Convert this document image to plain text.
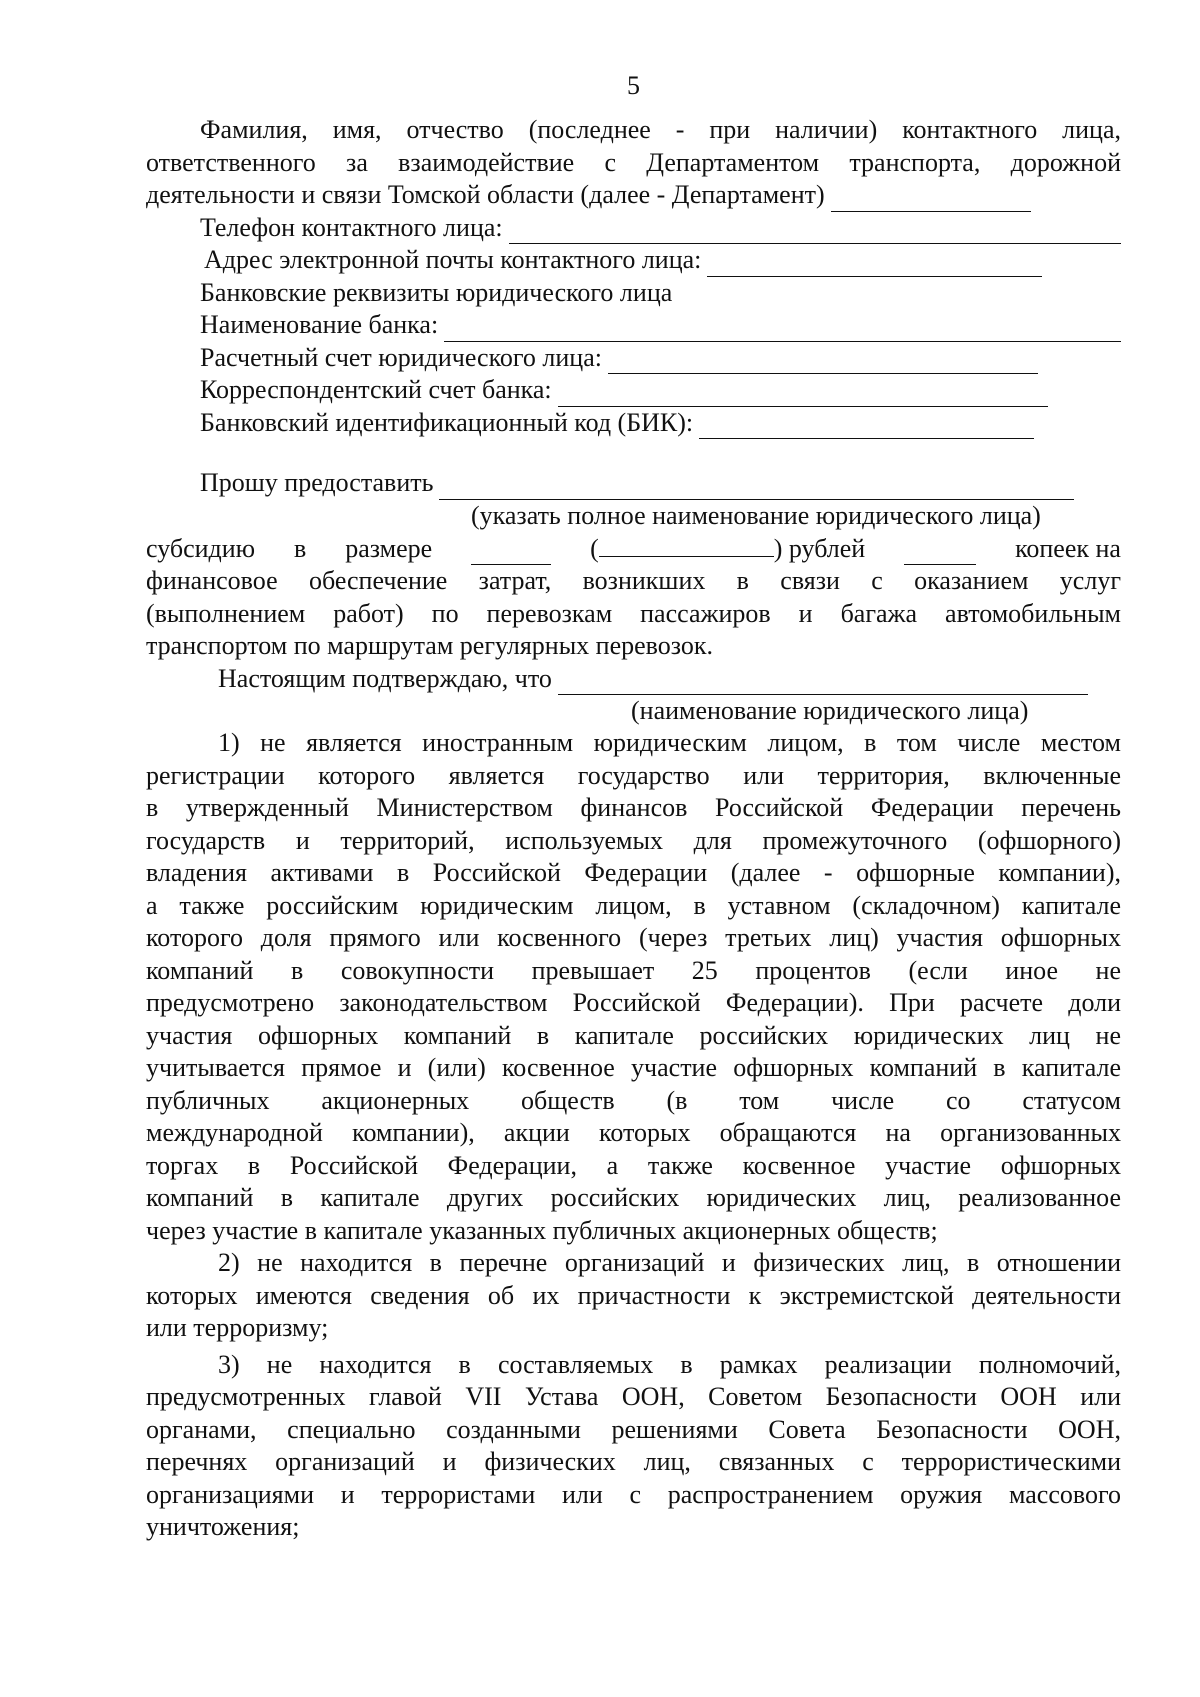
5

Фамилия, имя, отчество (последнее - при наличии) контактного лица,

ответственного за взаимодействие с Департаментом транспорта, дорожной

деятельности и связи Томской области (далее - Департамент)
Телефон контактного лица:
Адрес электронной почты контактного лица:

Банковские реквизиты юридического лица

Наименование банка:
Расчетный счет юридического лица:
Корреспондентский счет банка:
Банковский идентификационный код (БИК):
Прошу предоставить

(указать полное наименование юридического лица)

субсидию в размере	(	) рублей	копеек на

финансовое обеспечение затрат, возникших в связи с оказанием услуг

(выполнением работ) по перевозкам пассажиров и багажа автомобильным

транспортом по маршрутам регулярных перевозок.

Настоящим подтверждаю, что

(наименование юридического лица)

1) не является иностранным юридическим лицом, в том числе местом

регистрации которого является государство или территория, включенные

в утвержденный Министерством финансов Российской Федерации перечень

государств и территорий, используемых для промежуточного (офшорного)

владения активами в Российской Федерации (далее - офшорные компании),

а также российским юридическим лицом, в уставном (складочном) капитале

которого доля прямого или косвенного (через третьих лиц) участия офшорных

компаний в совокупности превышает 25 процентов (если иное не

предусмотрено законодательством Российской Федерации). При расчете доли

участия офшорных компаний в капитале российских юридических лиц не

учитывается прямое и (или) косвенное участие офшорных компаний в капитале

публичных акционерных обществ (в том числе со статусом

международной компании), акции которых обращаются на организованных

торгах в Российской Федерации, а также косвенное участие офшорных

компаний в капитале других российских юридических лиц, реализованное

через участие в капитале указанных публичных акционерных обществ;

2) не находится в перечне организаций и физических лиц, в отношении

которых имеются сведения об их причастности к экстремистской деятельности

или терроризму;

3) не находится в составляемых в рамках реализации полномочий,

предусмотренных главой VII Устава ООН, Советом Безопасности ООН или

органами, специально созданными решениями Совета Безопасности ООН,

перечнях организаций и физических лиц, связанных с террористическими

организациями и террористами или с распространением оружия массового

уничтожения;
